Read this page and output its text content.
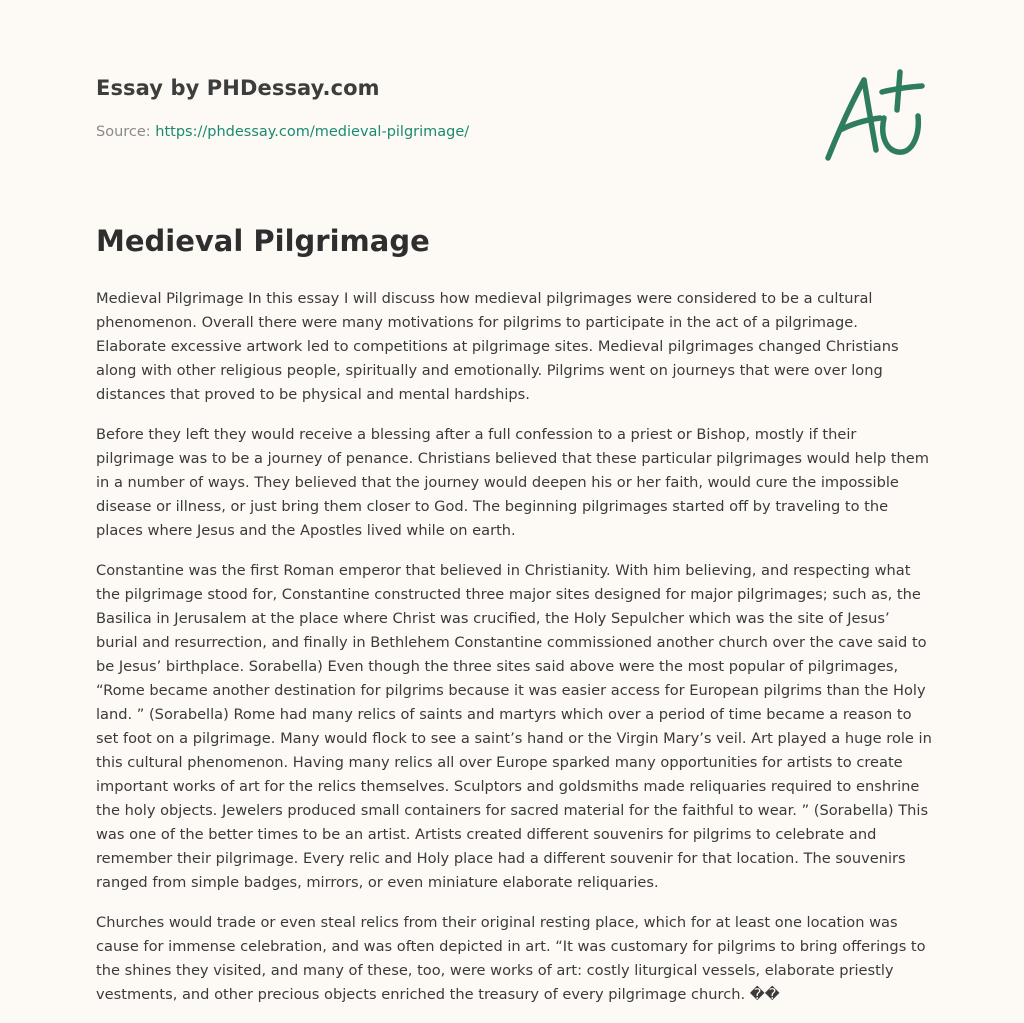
Essay by PHDessay.com

Source: https://phdessay.com/medieval-pilgrimage/

Medieval Pilgrimage

Medieval Pilgrimage In this essay I will discuss how medieval pilgrimages were considered to be a cultural phenomenon. Overall there were many motivations for pilgrims to participate in the act of a pilgrimage. Elaborate excessive artwork led to competitions at pilgrimage sites. Medieval pilgrimages changed Christians along with other religious people, spiritually and emotionally. Pilgrims went on journeys that were over long distances that proved to be physical and mental hardships.

Before they left they would receive a blessing after a full confession to a priest or Bishop, mostly if their pilgrimage was to be a journey of penance. Christians believed that these particular pilgrimages would help them in a number of ways. They believed that the journey would deepen his or her faith, would cure the impossible disease or illness, or just bring them closer to God. The beginning pilgrimages started off by traveling to the places where Jesus and the Apostles lived while on earth.

Constantine was the first Roman emperor that believed in Christianity. With him believing, and respecting what the pilgrimage stood for, Constantine constructed three major sites designed for major pilgrimages; such as, the Basilica in Jerusalem at the place where Christ was crucified, the Holy Sepulcher which was the site of Jesus’ burial and resurrection, and finally in Bethlehem Constantine commissioned another church over the cave said to be Jesus’ birthplace. Sorabella) Even though the three sites said above were the most popular of pilgrimages, “Rome became another destination for pilgrims because it was easier access for European pilgrims than the Holy land. ” (Sorabella) Rome had many relics of saints and martyrs which over a period of time became a reason to set foot on a pilgrimage. Many would flock to see a saint’s hand or the Virgin Mary’s veil. Art played a huge role in this cultural phenomenon. Having many relics all over Europe sparked many opportunities for artists to create important works of art for the relics themselves. Sculptors and goldsmiths made reliquaries required to enshrine the holy objects. Jewelers produced small containers for sacred material for the faithful to wear. ” (Sorabella) This was one of the better times to be an artist. Artists created different souvenirs for pilgrims to celebrate and remember their pilgrimage. Every relic and Holy place had a different souvenir for that location. The souvenirs ranged from simple badges, mirrors, or even miniature elaborate reliquaries.

Churches would trade or even steal relics from their original resting place, which for at least one location was cause for immense celebration, and was often depicted in art. “It was customary for pilgrims to bring offerings to the shines they visited, and many of these, too, were works of art: costly liturgical vessels, elaborate priestly vestments, and other precious objects enriched the treasury of every pilgrimage church. ��
